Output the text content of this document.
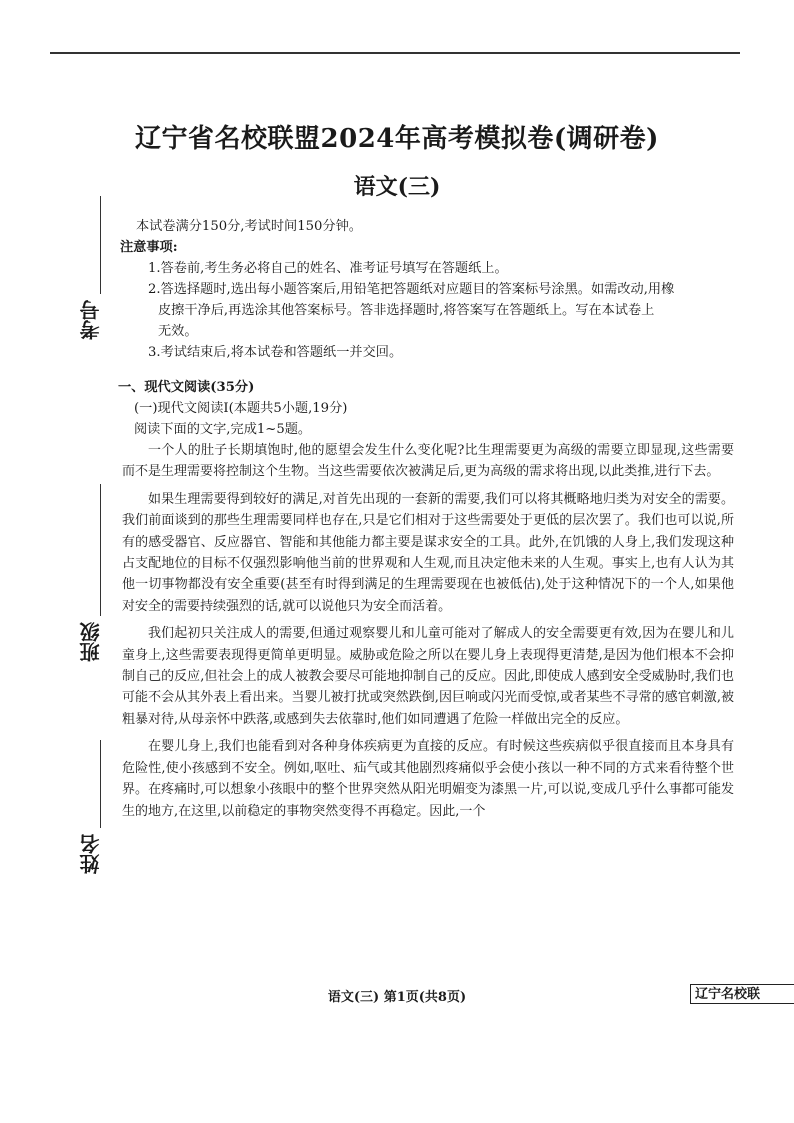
辽宁省名校联盟2024年高考模拟卷(调研卷)
语文(三)
考号
班级
姓名

本试卷满分150分,考试时间150分钟。

注意事项:

1.答卷前,考生务必将自己的姓名、准考证号填写在答题纸上。

2.答选择题时,选出每小题答案后,用铅笔把答题纸对应题目的答案标号涂黑。如需改动,用橡

皮擦干净后,再选涂其他答案标号。答非选择题时,将答案写在答题纸上。写在本试卷上

无效。

3.考试结束后,将本试卷和答题纸一并交回。

一、现代文阅读(35分)

(一)现代文阅读Ⅰ(本题共5小题,19分)

阅读下面的文字,完成1~5题。

一个人的肚子长期填饱时,他的愿望会发生什么变化呢?比生理需要更为高级的需要立即显现,这些需要而不是生理需要将控制这个生物。当这些需要依次被满足后,更为高级的需求将出现,以此类推,进行下去。

如果生理需要得到较好的满足,对首先出现的一套新的需要,我们可以将其概略地归类为对安全的需要。我们前面谈到的那些生理需要同样也存在,只是它们相对于这些需要处于更低的层次罢了。我们也可以说,所有的感受器官、反应器官、智能和其他能力都主要是谋求安全的工具。此外,在饥饿的人身上,我们发现这种占支配地位的目标不仅强烈影响他当前的世界观和人生观,而且决定他未来的人生观。事实上,也有人认为其他一切事物都没有安全重要(甚至有时得到满足的生理需要现在也被低估),处于这种情况下的一个人,如果他对安全的需要持续强烈的话,就可以说他只为安全而活着。

我们起初只关注成人的需要,但通过观察婴儿和儿童可能对了解成人的安全需要更有效,因为在婴儿和儿童身上,这些需要表现得更简单更明显。威胁或危险之所以在婴儿身上表现得更清楚,是因为他们根本不会抑制自己的反应,但社会上的成人被教会要尽可能地抑制自己的反应。因此,即使成人感到安全受威胁时,我们也可能不会从其外表上看出来。当婴儿被打扰或突然跌倒,因巨响或闪光而受惊,或者某些不寻常的感官刺激,被粗暴对待,从母亲怀中跌落,或感到失去依靠时,他们如同遭遇了危险一样做出完全的反应。

在婴儿身上,我们也能看到对各种身体疾病更为直接的反应。有时候这些疾病似乎很直接而且本身具有危险性,使小孩感到不安全。例如,呕吐、疝气或其他剧烈疼痛似乎会使小孩以一种不同的方式来看待整个世界。在疼痛时,可以想象小孩眼中的整个世界突然从阳光明媚变为漆黑一片,可以说,变成几乎什么事都可能发生的地方,在这里,以前稳定的事物突然变得不再稳定。因此,一个

语文(三) 第1页(共8页)	辽宁名校联
